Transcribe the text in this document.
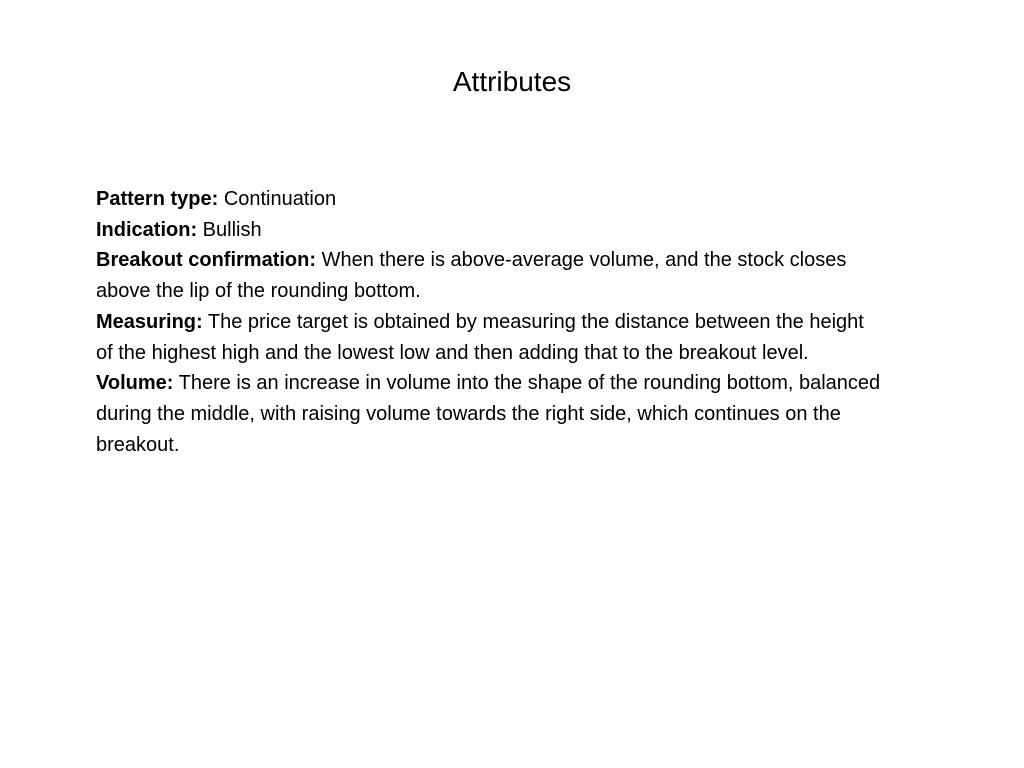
Attributes

Pattern type: Continuation

Indication: Bullish

Breakout confirmation: When there is above-average volume, and the stock closes above the lip of the rounding bottom.

Measuring: The price target is obtained by measuring the distance between the height of the highest high and the lowest low and then adding that to the breakout level.

Volume: There is an increase in volume into the shape of the rounding bottom, balanced during the middle, with raising volume towards the right side, which continues on the breakout.
